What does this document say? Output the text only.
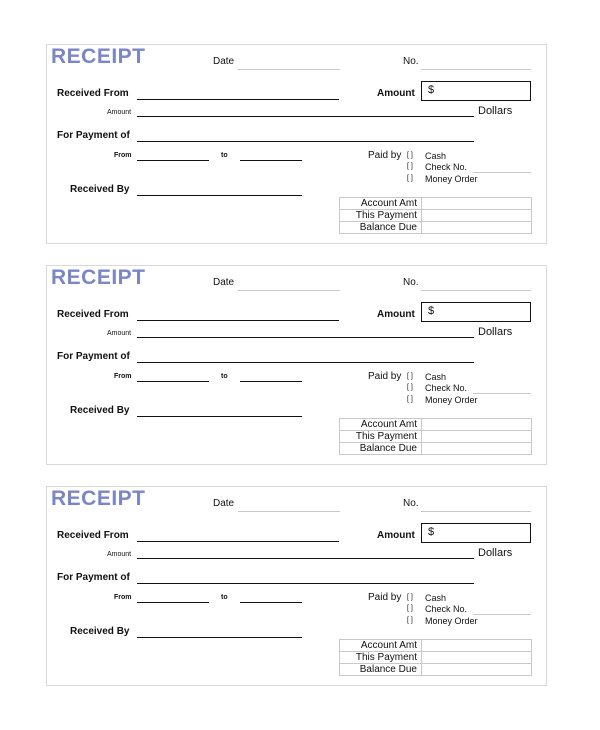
RECEIPT	Date	No.
Received From	Amount	$
Amount	Dollars
For Payment of
From	to	Paid by [ ] Cash
[ ] Check No.
[ ] Money Order
Received By
Account Amt	
This Payment	
Balance Due	
RECEIPT	Date	No.
Received From	Amount	$
Amount	Dollars
For Payment of
From	to	Paid by [ ] Cash
[ ] Check No.
[ ] Money Order
Received By
Account Amt	
This Payment	
Balance Due	
RECEIPT	Date	No.
Received From	Amount	$
Amount	Dollars
For Payment of
From	to	Paid by [ ] Cash
[ ] Check No.
[ ] Money Order
Received By
Account Amt	
This Payment	
Balance Due	
